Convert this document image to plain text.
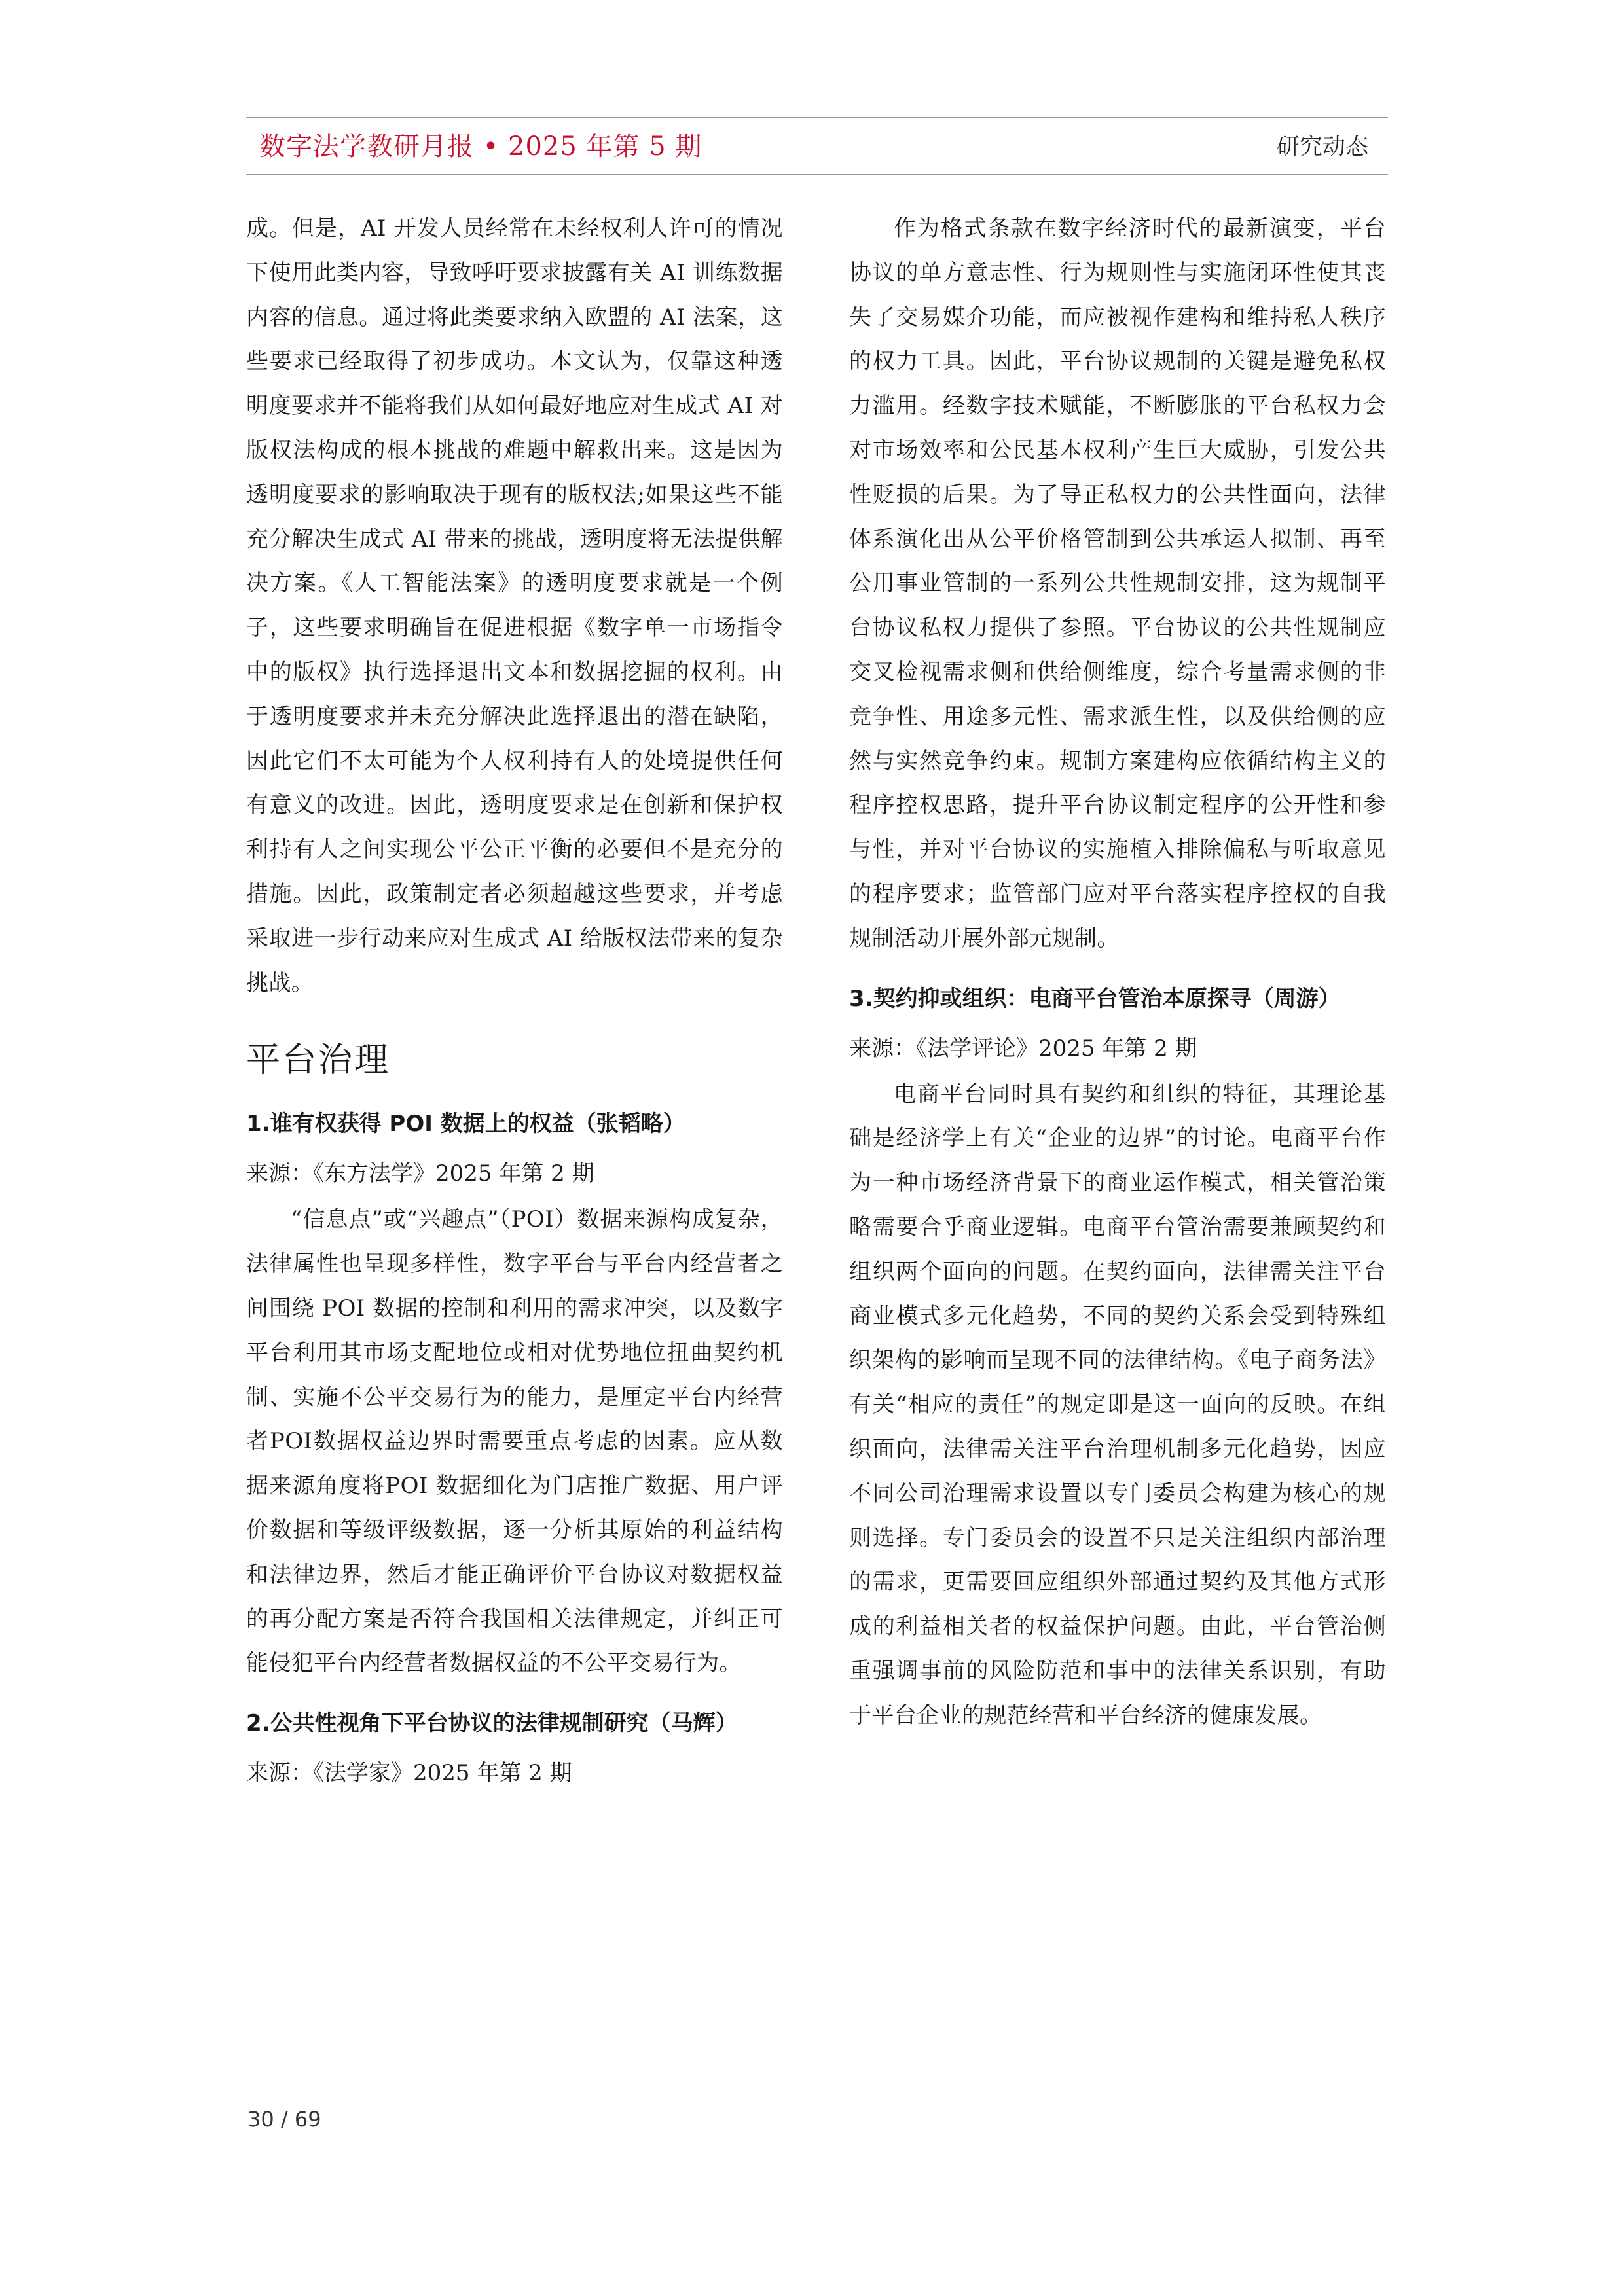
数字法学教研月报 • 2025 年第 5 期	研究动态

成。但是，AI 开发人员经常在未经权利人许可的情况下使用此类内容，导致呼吁要求披露有关 AI 训练数据内容的信息。通过将此类要求纳入欧盟的 AI 法案，这些要求已经取得了初步成功。本文认为，仅靠这种透明度要求并不能将我们从如何最好地应对生成式 AI 对版权法构成的根本挑战的难题中解救出来。这是因为透明度要求的影响取决于现有的版权法;如果这些不能充分解决生成式 AI 带来的挑战，透明度将无法提供解决方案。《人工智能法案》的透明度要求就是一个例子，这些要求明确旨在促进根据《数字单一市场指令中的版权》执行选择退出文本和数据挖掘的权利。由于透明度要求并未充分解决此选择退出的潜在缺陷，因此它们不太可能为个人权利持有人的处境提供任何有意义的改进。因此，透明度要求是在创新和保护权利持有人之间实现公平公正平衡的必要但不是充分的措施。因此，政策制定者必须超越这些要求，并考虑采取进一步行动来应对生成式 AI 给版权法带来的复杂挑战。

平台治理
1.谁有权获得 POI 数据上的权益（张韬略）
来源：《东方法学》2025 年第 2 期

“信息点”或“兴趣点”（POI）数据来源构成复杂，法律属性也呈现多样性，数字平台与平台内经营者之间围绕 POI 数据的控制和利用的需求冲突，以及数字平台利用其市场支配地位或相对优势地位扭曲契约机制、实施不公平交易行为的能力，是厘定平台内经营者POI数据权益边界时需要重点考虑的因素。应从数据来源角度将POI 数据细化为门店推广数据、用户评价数据和等级评级数据，逐一分析其原始的利益结构和法律边界，然后才能正确评价平台协议对数据权益的再分配方案是否符合我国相关法律规定，并纠正可能侵犯平台内经营者数据权益的不公平交易行为。

2.公共性视角下平台协议的法律规制研究（马辉）
来源：《法学家》2025 年第 2 期

作为格式条款在数字经济时代的最新演变，平台协议的单方意志性、行为规则性与实施闭环性使其丧失了交易媒介功能，而应被视作建构和维持私人秩序的权力工具。因此，平台协议规制的关键是避免私权力滥用。经数字技术赋能，不断膨胀的平台私权力会对市场效率和公民基本权利产生巨大威胁，引发公共性贬损的后果。为了导正私权力的公共性面向，法律体系演化出从公平价格管制到公共承运人拟制、再至公用事业管制的一系列公共性规制安排，这为规制平台协议私权力提供了参照。平台协议的公共性规制应交叉检视需求侧和供给侧维度，综合考量需求侧的非竞争性、用途多元性、需求派生性，以及供给侧的应然与实然竞争约束。规制方案建构应依循结构主义的程序控权思路，提升平台协议制定程序的公开性和参与性，并对平台协议的实施植入排除偏私与听取意见的程序要求；监管部门应对平台落实程序控权的自我规制活动开展外部元规制。

3.契约抑或组织：电商平台管治本原探寻（周游）
来源：《法学评论》2025 年第 2 期

电商平台同时具有契约和组织的特征，其理论基础是经济学上有关“企业的边界”的讨论。电商平台作为一种市场经济背景下的商业运作模式，相关管治策略需要合乎商业逻辑。电商平台管治需要兼顾契约和组织两个面向的问题。在契约面向，法律需关注平台商业模式多元化趋势，不同的契约关系会受到特殊组织架构的影响而呈现不同的法律结构。《电子商务法》有关“相应的责任”的规定即是这一面向的反映。在组织面向，法律需关注平台治理机制多元化趋势，因应不同公司治理需求设置以专门委员会构建为核心的规则选择。专门委员会的设置不只是关注组织内部治理的需求，更需要回应组织外部通过契约及其他方式形成的利益相关者的权益保护问题。由此，平台管治侧重强调事前的风险防范和事中的法律关系识别，有助于平台企业的规范经营和平台经济的健康发展。

30 / 69
